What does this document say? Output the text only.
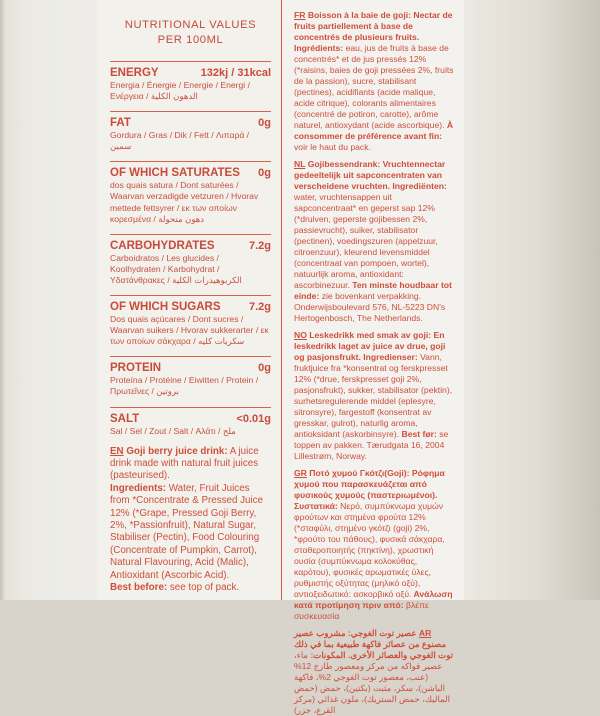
NUTRITIONAL VALUES
PER 100ML
ENERGY	132kj / 31kcal
Energia / Énergie / Energie / Energi / Ενέργεια / الدهون الكلية
FAT	0g
Gordura / Gras / Dik / Fett / Λιπαρά / سمين
OF WHICH SATURATES 0g
dos quais satura / Dont saturées / Waarvan verzadigde vetzuren / Hvorav mettede fettsyrer / εκ των οποίων κορεσμένα / دهون متحولة
CARBOHYDRATES	7.2g
Carboidratos / Les glucides / Koolhydraten / Karbohydrat / Υδατάνθρακες / الكربوهيدرات الكلية
OF WHICH SUGARS	7.2g
Dos quais açúcares / Dont sucres / Waarvan suikers / Hvorav sukkerarter / εκ των οποίων σάκχαρα / سكريات كليه
PROTEIN	0g
Proteína / Protéine / Eiwitten / Protein / Πρωτεΐνες / بروتين
SALT	<0.01g
Sal / Sel / Zout / Salt / Αλάτι / ملح
EN Goji berry juice drink: A juice drink made with natural fruit juices (pasteurised).
Ingredients: Water, Fruit Juices from *Concentrate & Pressed Juice 12% (*Grape, Pressed Goji Berry, 2%, *Passionfruit), Natural Sugar, Stabiliser (Pectin), Food Colouring (Concentrate of Pumpkin, Carrot), Natural Flavouring, Acid (Malic), Antioxidant (Ascorbic Acid).
Best before: see top of pack.
FR Boisson à la baie de goji: Nectar de fruits partiellement à base de concentrés de plusieurs fruits. Ingrédients: eau, jus de fruits à base de concentrés* et de jus pressés 12% (*raisins, baies de goji pressées 2%, fruits de la passion), sucre, stabilisant (pectines), acidifiants (acide malique, acide citrique), colorants alimentaires (concentré de potiron, carotte), arôme naturel, antioxydant (acide ascorbique). À consommer de préférence avant fin: voir le haut du pack.
NL Gojibessendrank: Vruchtennectar gedeeltelijk uit sapconcentraten van verscheidene vruchten. Ingrediënten: water, vruchtensappen uit sapconcentraat* en geperst sap 12% (*druiven, geperste gojibessen 2%, passievrucht), suiker, stabilisator (pectinen), voedingszuren (appelzuur, citroenzuur), kleurend levensmiddel (concentraat van pompoen, wortel), natuurlijk aroma, antioxidant: ascorbinezuur. Ten minste houdbaar tot einde: zie bovenkant verpakking. Onderwijsboulevard 576, NL-5223 DN's Hertogenbosch, The Netherlands.
NO Leskedrikk med smak av goji: En leskedrikk laget av juice av drue, goji og pasjonsfrukt. Ingredienser: Vann, fruktjuice fra *konsentrat og ferskpresset 12% (*drue, ferskpresset goji 2%, pasjonsfrukt), sukker, stabilisator (pektin), surhetsregulerende middel (eplesyre, sitronsyre), fargestoff (konsentrat av gresskar, gulrot), naturlig aroma, antioksidant (askorbinsyre). Best før: se toppen av pakken. Tærudgata 16, 2004 Lillestrøm, Norway.
GR Ποτό χυμού Γκότζι(Goji): Ρόφημα χυμού που παρασκευάζεται από φυσικούς χυμούς (παστεριωμένοι). Συστατικά: Νερό, συμπύκνωμα χυμών φρούτων και στημένα φρούτα 12% (*σταφύλι, στημένο γκότζι (goji) 2%, *φρούτο του πάθους), φυσικά σάκχαρα, σταθεροποιητής (πηκτίνη), χρωστική ουσία (συμπύκνωμα κολοκύθας, καρότου), φυσικές αρωματικές ύλες, ρυθμιστής οξύτητας (μηλικό οξύ), αντιοξειδωτικό: ασκορβικό οξύ. Ανάλωση κατά προτίμηση πριν από: βλέπε συσκευασία
AR عصير توت الغوجي: مشروب عصير مصنوع من عصائر فاكهة طبيعية بما في ذلك توت الغوجي والعصائر الأخرى. المكونات: ماء، عصير فواكه من مركز ومعصور طازج 12% (عنب، معصور توت الغوجي 2%، فاكهة الباشن)، سكر، مثبت (بكتين)، حمض (حمض الماليك، حمض الستريك)، ملون غذائي (مركز القرع، جزر)
